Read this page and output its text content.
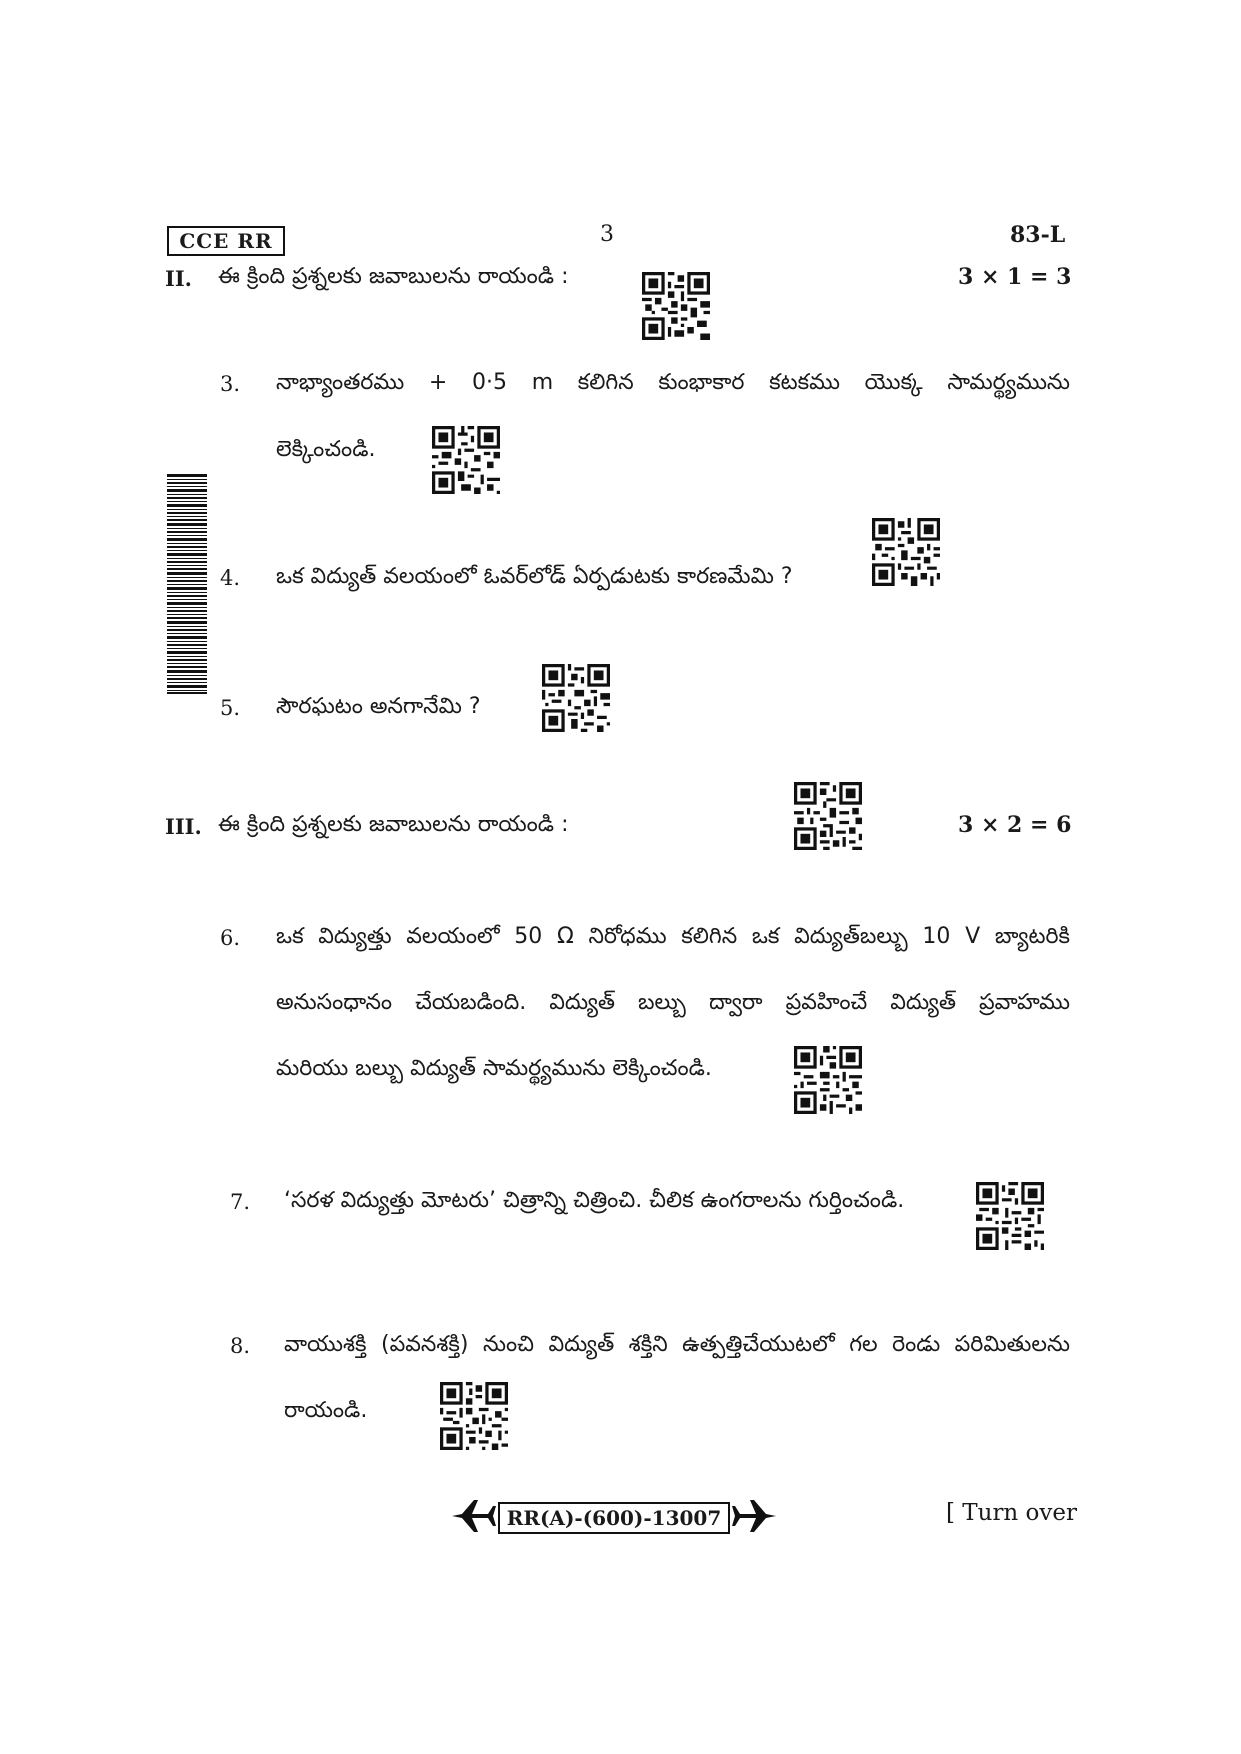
CCE RR	3	83-L
II. ఈ క్రింది ప్రశ్నలకు జవాబులను రాయండి :	3 × 1 = 3
3. నాభ్యాంతరము + 0·5 m కలిగిన కుంభాకార కటకము యొక్క సామర్థ్యమును
లెక్కించండి.
4. ఒక విద్యుత్ వలయంలో ఓవర్‌లోడ్ ఏర్పడుటకు కారణమేమి ?
5. సౌరఘటం అనగానేమి ?
III. ఈ క్రింది ప్రశ్నలకు జవాబులను రాయండి :	3 × 2 = 6
6. ఒక విద్యుత్తు వలయంలో 50 Ω నిరోధము కలిగిన ఒక విద్యుత్‌బల్బు 10 V బ్యాటరికి
అనుసంధానం చేయబడింది. విద్యుత్ బల్బు ద్వారా ప్రవహించే విద్యుత్ ప్రవాహము
మరియు బల్బు విద్యుత్ సామర్థ్యమును లెక్కించండి.
7. ‘సరళ విద్యుత్తు మోటరు’ చిత్రాన్ని చిత్రించి. చీలిక ఉంగరాలను గుర్తించండి.
8. వాయుశక్తి (పవనశక్తి) నుంచి విద్యుత్ శక్తిని ఉత్పత్తిచేయుటలో గల రెండు పరిమితులను
రాయండి.
RR(A)-(600)-13007	[ Turn over
